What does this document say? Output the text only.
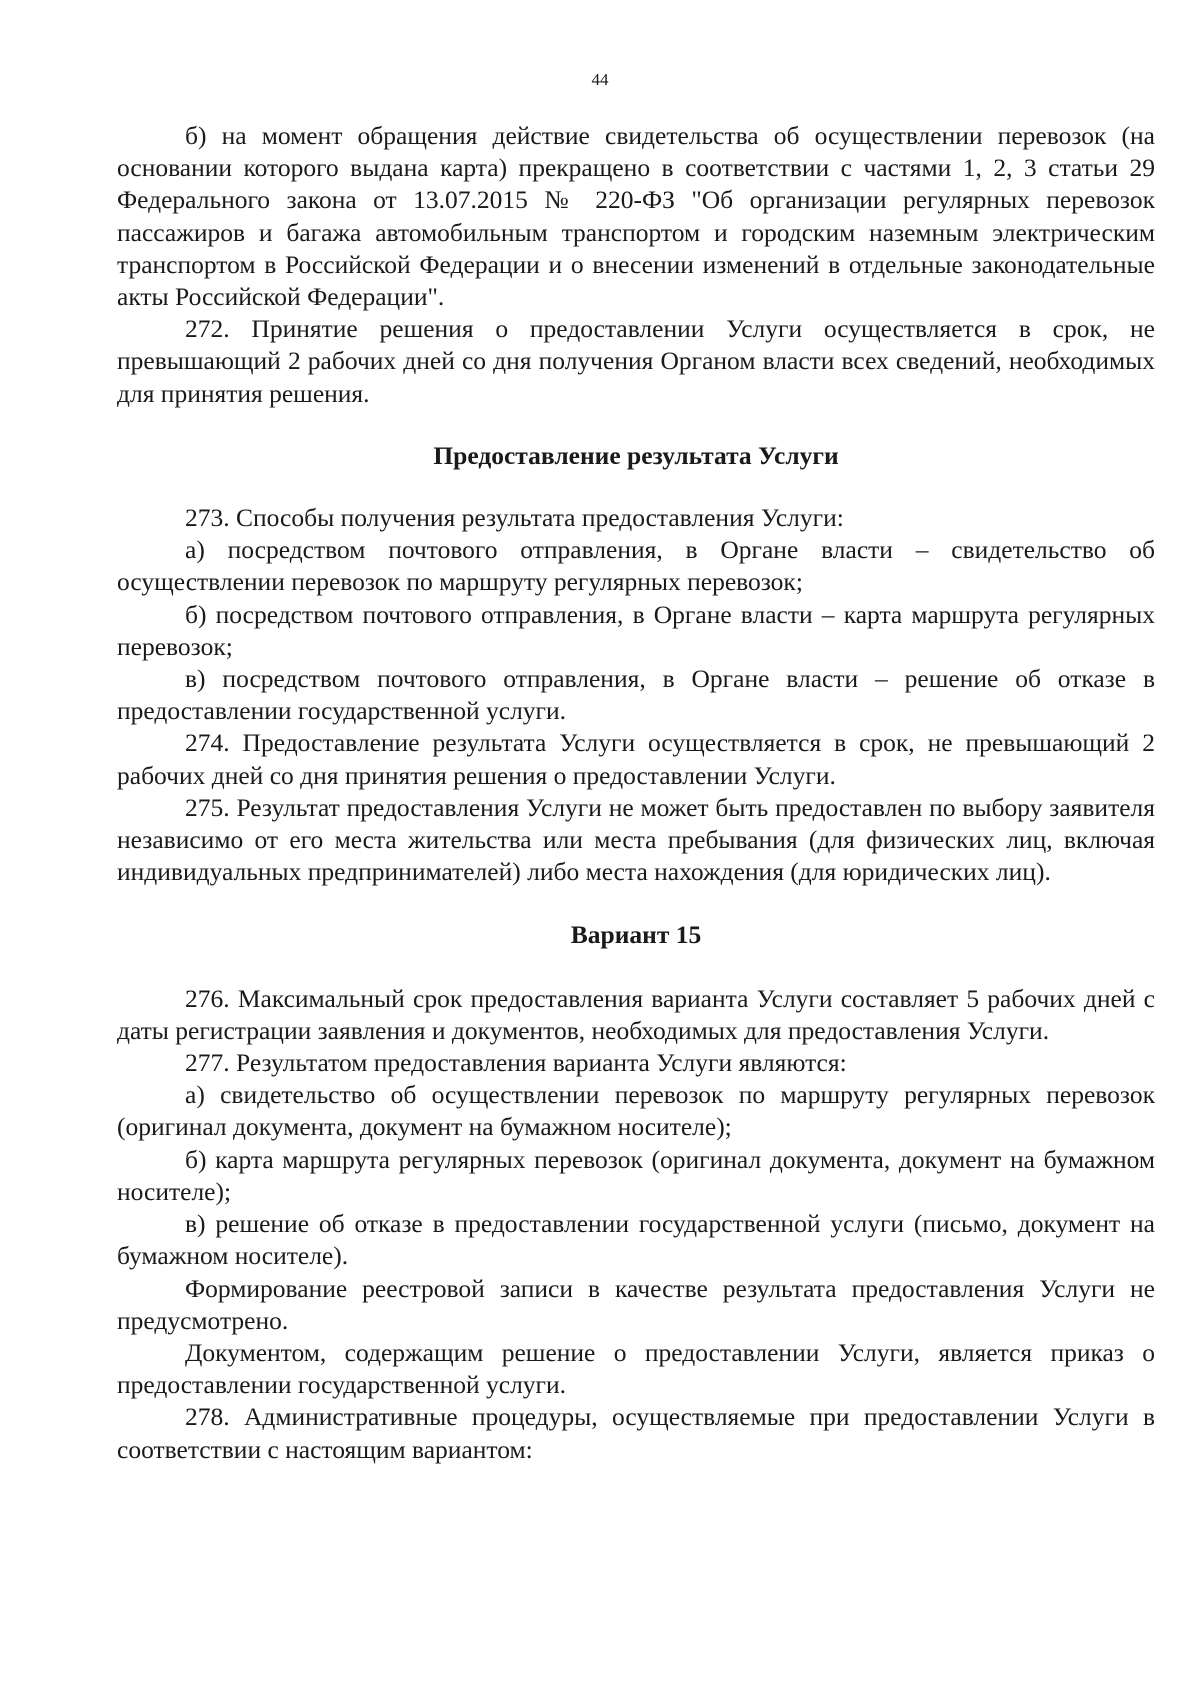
44

б) на момент обращения действие свидетельства об осуществлении перевозок (на основании которого выдана карта) прекращено в соответствии с частями 1, 2, 3 статьи 29 Федерального закона от 13.07.2015 № 220-ФЗ "Об организации регулярных перевозок пассажиров и багажа автомобильным транспортом и городским наземным электрическим транспортом в Российской Федерации и о внесении изменений в отдельные законодательные акты Российской Федерации".

272. Принятие решения о предоставлении Услуги осуществляется в срок, не превышающий 2 рабочих дней со дня получения Органом власти всех сведений, необходимых для принятия решения.

Предоставление результата Услуги

273. Способы получения результата предоставления Услуги:

а) посредством почтового отправления, в Органе власти – свидетельство об осуществлении перевозок по маршруту регулярных перевозок;

б) посредством почтового отправления, в Органе власти – карта маршрута регулярных перевозок;

в) посредством почтового отправления, в Органе власти – решение об отказе в предоставлении государственной услуги.

274. Предоставление результата Услуги осуществляется в срок, не превышающий 2 рабочих дней со дня принятия решения о предоставлении Услуги.

275. Результат предоставления Услуги не может быть предоставлен по выбору заявителя независимо от его места жительства или места пребывания (для физических лиц, включая индивидуальных предпринимателей) либо места нахождения (для юридических лиц).

Вариант 15

276. Максимальный срок предоставления варианта Услуги составляет 5 рабочих дней с даты регистрации заявления и документов, необходимых для предоставления Услуги.

277. Результатом предоставления варианта Услуги являются:

а) свидетельство об осуществлении перевозок по маршруту регулярных перевозок (оригинал документа, документ на бумажном носителе);

б) карта маршрута регулярных перевозок (оригинал документа, документ на бумажном носителе);

в) решение об отказе в предоставлении государственной услуги (письмо, документ на бумажном носителе).

Формирование реестровой записи в качестве результата предоставления Услуги не предусмотрено.

Документом, содержащим решение о предоставлении Услуги, является приказ о предоставлении государственной услуги.

278. Административные процедуры, осуществляемые при предоставлении Услуги в соответствии с настоящим вариантом:
